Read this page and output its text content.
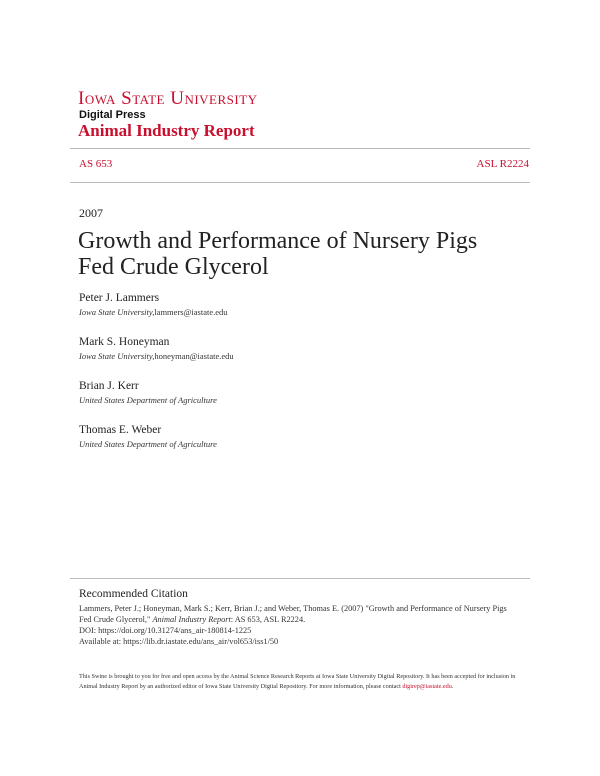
Iowa State University
Digital Press
Animal Industry Report
AS 653	ASL R2224
2007
Growth and Performance of Nursery Pigs Fed Crude Glycerol
Peter J. Lammers
Iowa State University,lammers@iastate.edu
Mark S. Honeyman
Iowa State University,honeyman@iastate.edu
Brian J. Kerr
United States Department of Agriculture
Thomas E. Weber
United States Department of Agriculture
Recommended Citation
Lammers, Peter J.; Honeyman, Mark S.; Kerr, Brian J.; and Weber, Thomas E. (2007) "Growth and Performance of Nursery Pigs Fed Crude Glycerol," Animal Industry Report: AS 653, ASL R2224.
DOI: https://doi.org/10.31274/ans_air-180814-1225
Available at: https://lib.dr.iastate.edu/ans_air/vol653/iss1/50
This Swine is brought to you for free and open access by the Animal Science Research Reports at Iowa State University Digital Repository. It has been accepted for inclusion in Animal Industry Report by an authorized editor of Iowa State University Digital Repository. For more information, please contact digirep@iastate.edu.
